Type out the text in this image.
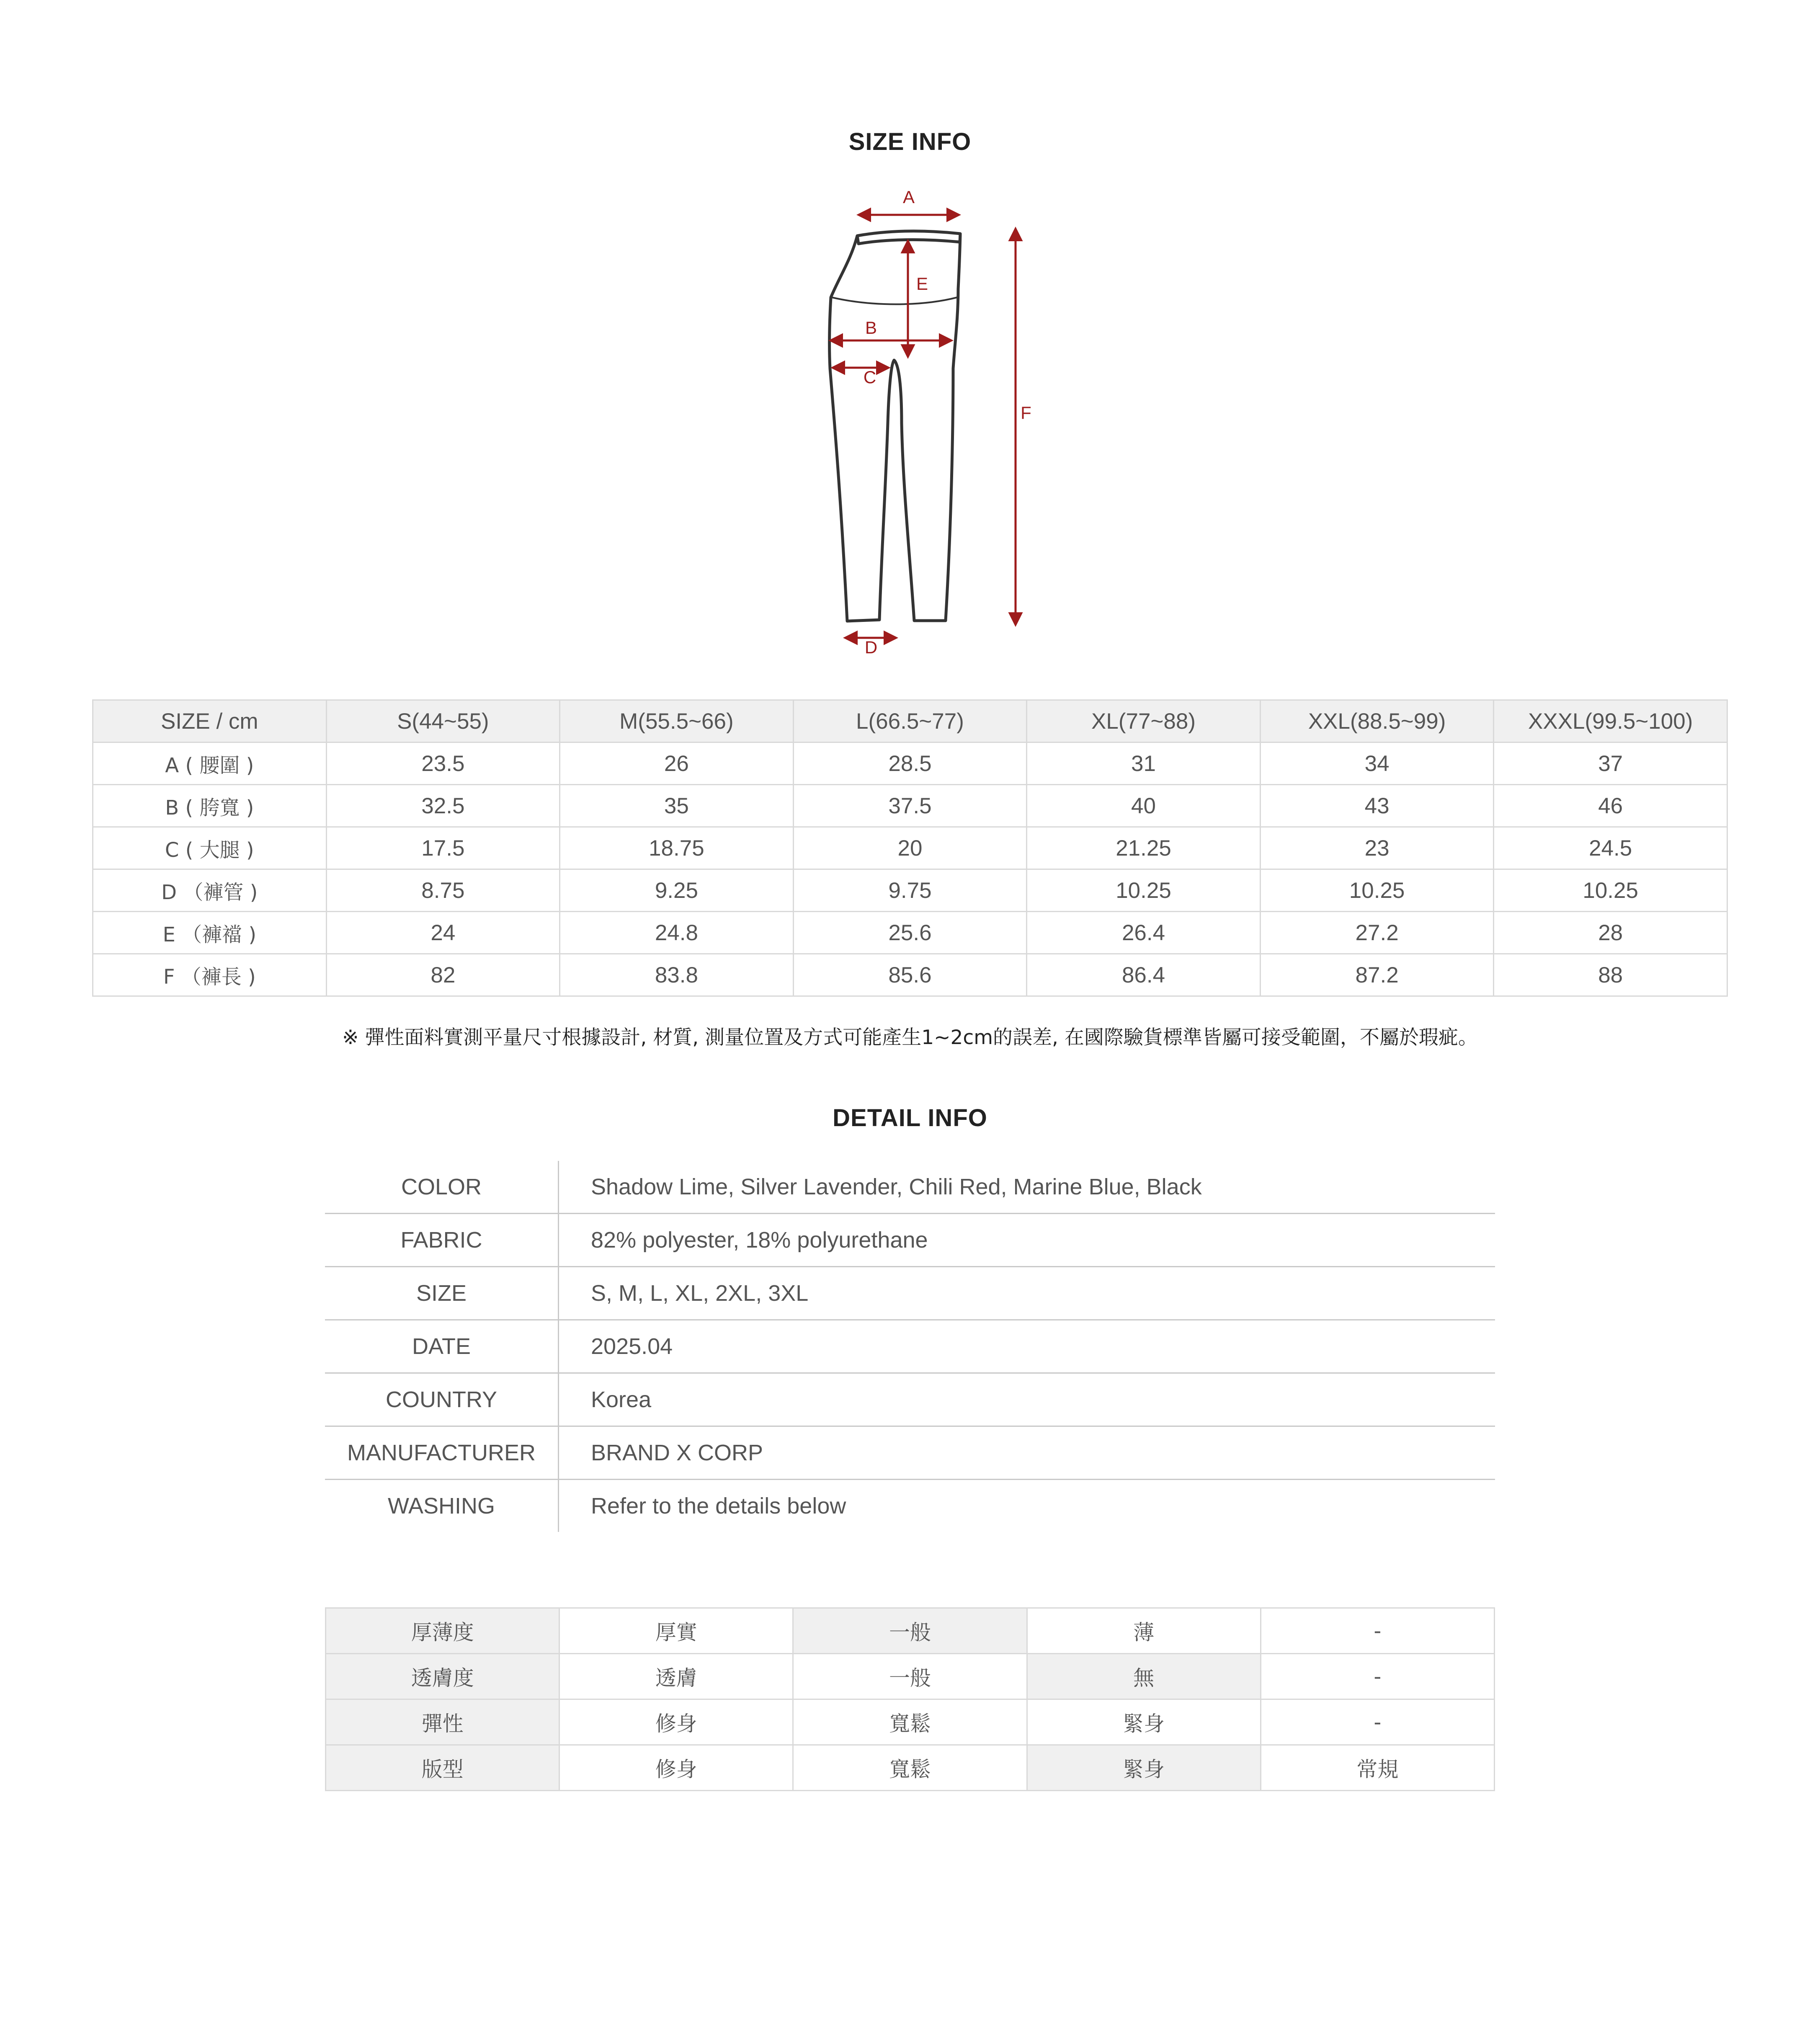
SIZE INFO
A
E
B
C
F
D
SIZE / cm	S(44~55)	M(55.5~66)	L(66.5~77)	XL(77~88)	XXL(88.5~99)	XXXL(99.5~100)
A ( 腰圍 )	23.5	26	28.5	31	34	37
B ( 胯寬 )	32.5	35	37.5	40	43	46
C ( 大腿 )	17.5	18.75	20	21.25	23	24.5
D （褲管 )	8.75	9.25	9.75	10.25	10.25	10.25
E （褲襠 )	24	24.8	25.6	26.4	27.2	28
F （褲長 )	82	83.8	85.6	86.4	87.2	88
※ 彈性面料實測平量尺寸根據設計, 材質, 測量位置及方式可能產生1~2cm的誤差, 在國際驗貨標準皆屬可接受範圍，不屬於瑕疵。
DETAIL INFO
COLOR	Shadow Lime, Silver Lavender, Chili Red, Marine Blue, Black
FABRIC	82% polyester, 18% polyurethane
SIZE	S, M, L, XL, 2XL, 3XL
DATE	2025.04
COUNTRY	Korea
MANUFACTURER	BRAND X CORP
WASHING	Refer to the details below
厚薄度	厚實	一般	薄	-
透膚度	透膚	一般	無	-
彈性	修身	寬鬆	緊身	-
版型	修身	寬鬆	緊身	常規
